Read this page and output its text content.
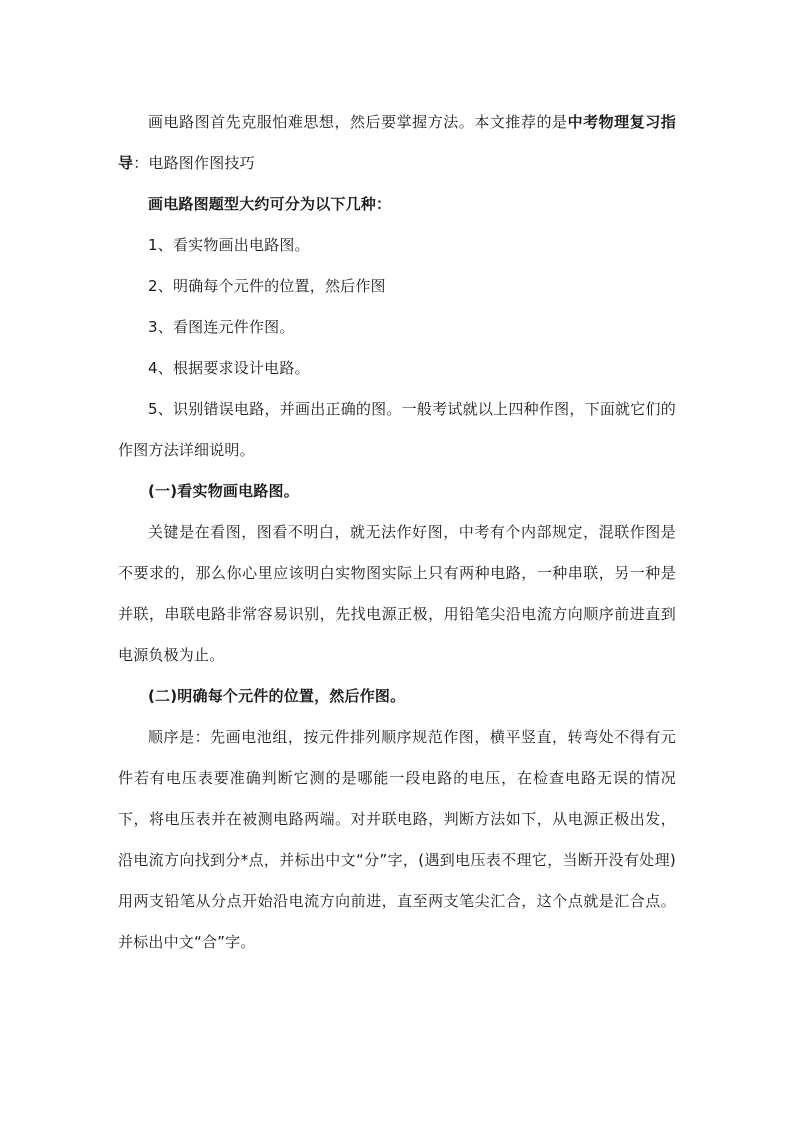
画电路图首先克服怕难思想，然后要掌握方法。本文推荐的是中考物理复习指导：电路图作图技巧

画电路图题型大约可分为以下几种：

1、看实物画出电路图。

2、明确每个元件的位置，然后作图

3、看图连元件作图。

4、根据要求设计电路。

5、识别错误电路，并画出正确的图。一般考试就以上四种作图，下面就它们的作图方法详细说明。

(一)看实物画电路图。

关键是在看图，图看不明白，就无法作好图，中考有个内部规定，混联作图是不要求的，那么你心里应该明白实物图实际上只有两种电路，一种串联，另一种是并联，串联电路非常容易识别，先找电源正极，用铅笔尖沿电流方向顺序前进直到电源负极为止。

(二)明确每个元件的位置，然后作图。

顺序是：先画电池组，按元件排列顺序规范作图，横平竖直，转弯处不得有元件若有电压表要准确判断它测的是哪能一段电路的电压，在检查电路无误的情况下，将电压表并在被测电路两端。对并联电路，判断方法如下，从电源正极出发，沿电流方向找到分*点，并标出中文“分”字，(遇到电压表不理它，当断开没有处理)用两支铅笔从分点开始沿电流方向前进，直至两支笔尖汇合，这个点就是汇合点。并标出中文“合”字。
